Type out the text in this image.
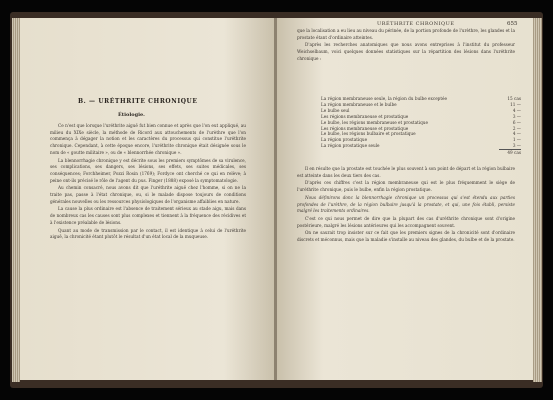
B. — URÉTHRITE CHRONIQUE
Étiologie.

Ce n'est que lorsque l'uréthrite aiguë fut bien connue et après que l'on eut appliqué, au milieu du XIXe siècle, la méthode de Ricord aux attouchements de l'urèthre que l'on commença à dégager la notion et les caractères du processus qui constitue l'uréthrite chronique. Cependant, à cette époque encore, l'uréthrite chronique était désignée sous le nom de « goutte militaire », ou de « blennorrhée chronique ».

La blennorrhagie chronique y est décrite sous les premiers symptômes de sa virulence, ses complications, ses dangers, ses lésions, ses effets, ses suites médicales, ses conséquences; Forchheimer, Pozzi Rosin (1769); Fordyce ont cherché ce qui en relève; à peine ont-ils précisé le rôle de l'agent du pus. Finger (1888) exposé la symptomatologie.

Au chemin consacré, nous avons dit que l'uréthrite aiguë chez l'homme, si on ne la traite pas, passe à l'état chronique, ou, si le malade dispose toujours de conditions générales nouvelles ou les ressources physiologiques de l'organisme affaiblies en nature.

La cause la plus ordinaire est l'absence de traitement sérieux au stade aigu, mais dans de nombreux cas les causes sont plus complexes et tiennent à la fréquence des récidives et à l'existence préalable de lésions.

Quant au mode de transmission par le contact, il est identique à celui de l'uréthrite aiguë, la chronicité étant plutôt le résultat d'un état local de la muqueuse.

URÉTHRITE CHRONIQUE	655

que la localisation a eu lieu au niveau du périnée, de la portion profonde de l'urèthre, les glandes et la prostate étant d'ordinaire atteintes.

D'après les recherches anatomiques que nous avons entreprises à l'institut du professeur Weichselbaum, voici quelques données statistiques sur la répartition des lésions dans l'uréthrite chronique :

La région membraneuse seule, la région du bulbe exceptée	15 cas
La région membraneuse et le bulbe	11 —
Le bulbe seul	4 —
Les régions membraneuse et prostatique	3 —
Le bulbe, les régions membraneuse et prostatique	6 —
Les régions membraneuse et prostatique	2 —
Le bulbe, les régions bulbaire et prostatique	4 —
La région prostatique	1 —
La région prostatique seule	3 —
49 cas

Il en résulte que la prostate est touchée le plus souvent à son point de départ et la région bulbaire est atteinte dans les deux tiers des cas.

D'après ces chiffres c'est la région membraneuse qui est le plus fréquemment le siège de l'uréthrite chronique, puis le bulbe, enfin la région prostatique.

Nous définirons donc la blennorrhagie chronique un processus qui s'est étendu aux parties profondes de l'urèthre, de la région bulbaire jusqu'à la prostate, et qui, une fois établi, persiste malgré les traitements ordinaires.

C'est ce qui nous permet de dire que la plupart des cas d'uréthrite chronique sont d'origine postérieure, malgré les lésions antérieures qui les accompagnent souvent.

On ne saurait trop insister sur ce fait que les premiers signes de la chronicité sont d'ordinaire discrets et méconnus, mais que la maladie s'installe au niveau des glandes, du bulbe et de la prostate.
